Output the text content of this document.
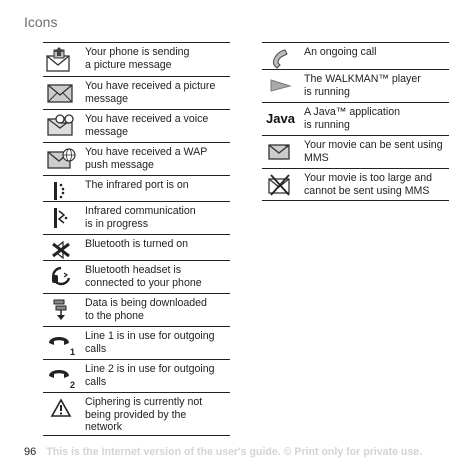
Icons
Your phone is sending
a picture message
You have received a picture
message
You have received a voice
message
You have received a WAP
push message
The infrared port is on
Infrared communication
is in progress
Bluetooth is turned on
Bluetooth headset is
connected to your phone
Data is being downloaded
to the phone
1
Line 1 is in use for outgoing
calls
2
Line 2 is in use for outgoing
calls
Ciphering is currently not
being provided by the
network
An ongoing call
The WALKMAN™ player
is running
Java A Java™ application
is running
Your movie can be sent using
MMS
Your movie is too large and
cannot be sent using MMS
96 This is the Internet version of the user's guide. © Print only for private use.
